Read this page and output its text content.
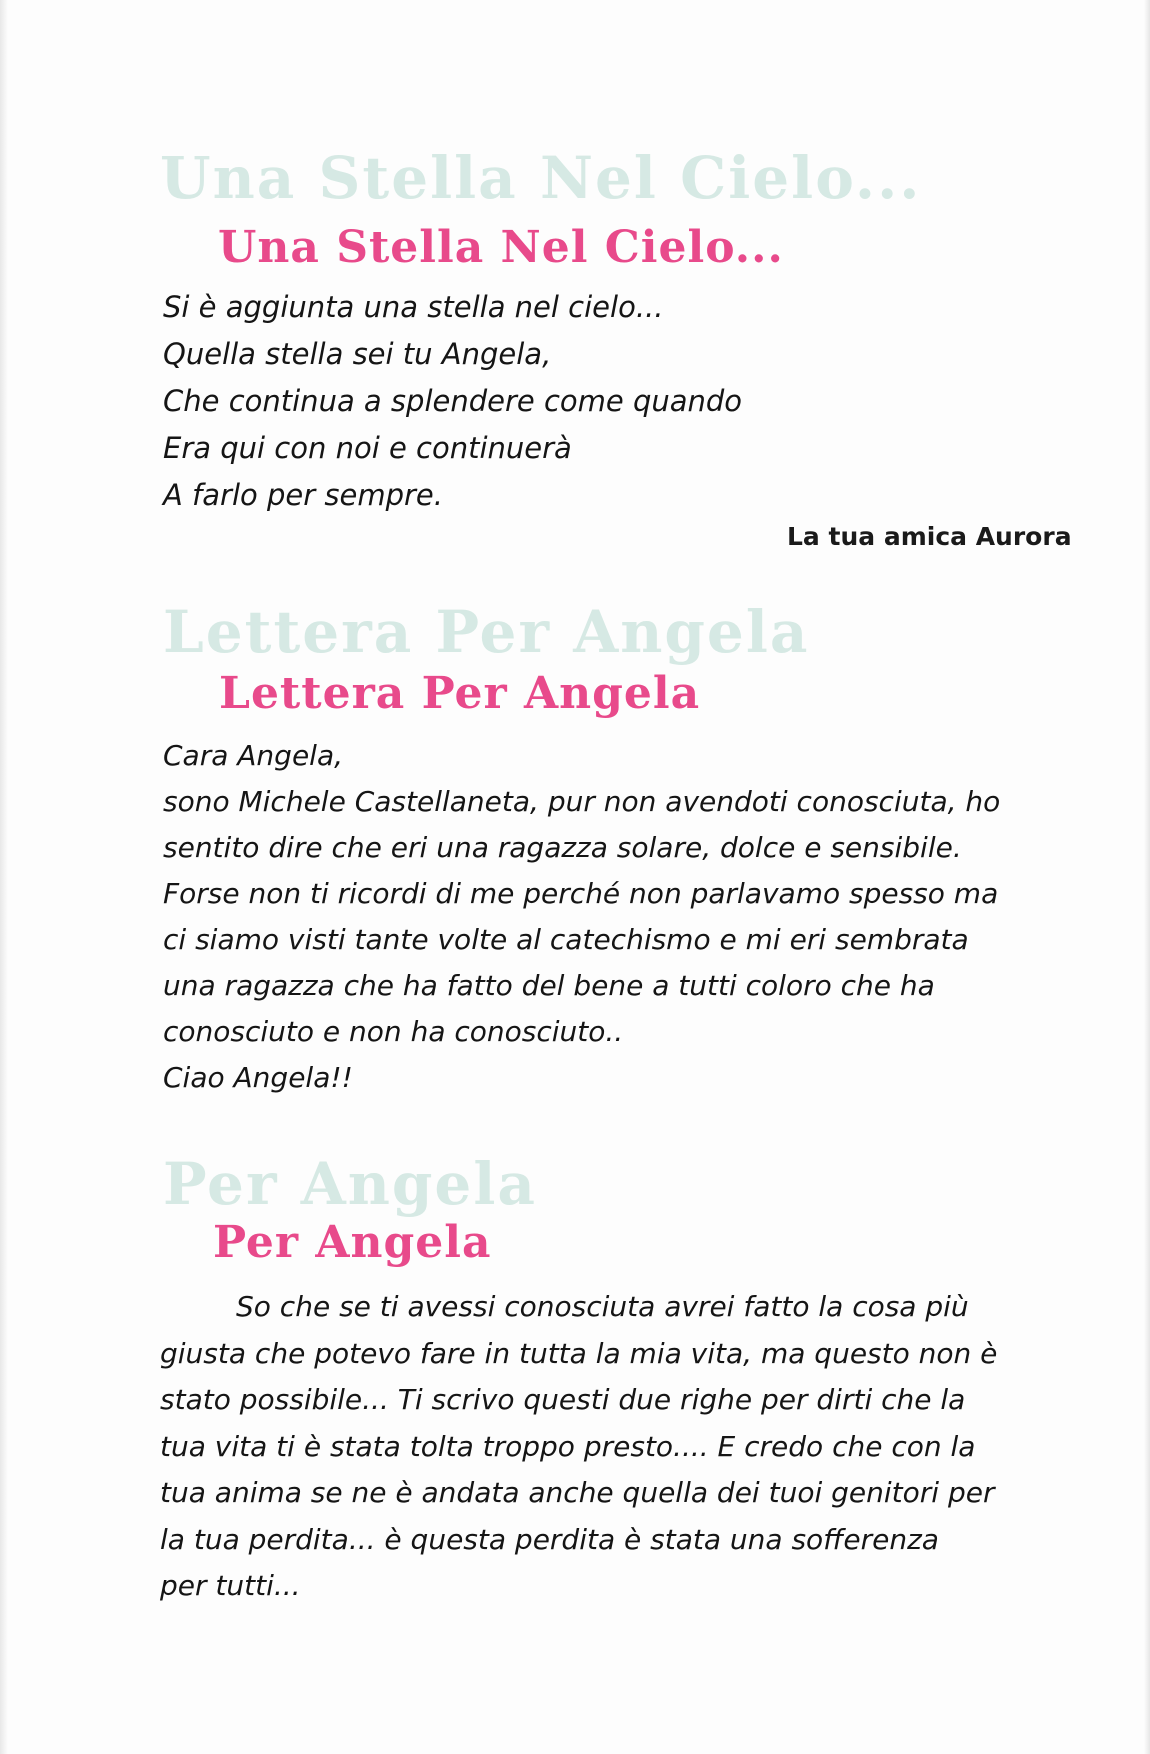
Una Stella Nel Cielo...
Una Stella Nel Cielo...
Si è aggiunta una stella nel cielo...
Quella stella sei tu Angela,
Che continua a splendere come quando
Era qui con noi e continuerà
A farlo per sempre.
La tua amica Aurora
Lettera Per Angela
Lettera Per Angela
Cara Angela,
sono Michele Castellaneta, pur non avendoti conosciuta, ho
sentito dire che eri una ragazza solare, dolce e sensibile.
Forse non ti ricordi di me perché non parlavamo spesso ma
ci siamo visti tante volte al catechismo e mi eri sembrata
una ragazza che ha fatto del bene a tutti coloro che ha
conosciuto e non ha conosciuto..
Ciao Angela!!
Per Angela
Per Angela
So che se ti avessi conosciuta avrei fatto la cosa più
giusta che potevo fare in tutta la mia vita, ma questo non è
stato possibile... Ti scrivo questi due righe per dirti che la
tua vita ti è stata tolta troppo presto.... E credo che con la
tua anima se ne è andata anche quella dei tuoi genitori per
la tua perdita... è questa perdita è stata una sofferenza
per tutti...
